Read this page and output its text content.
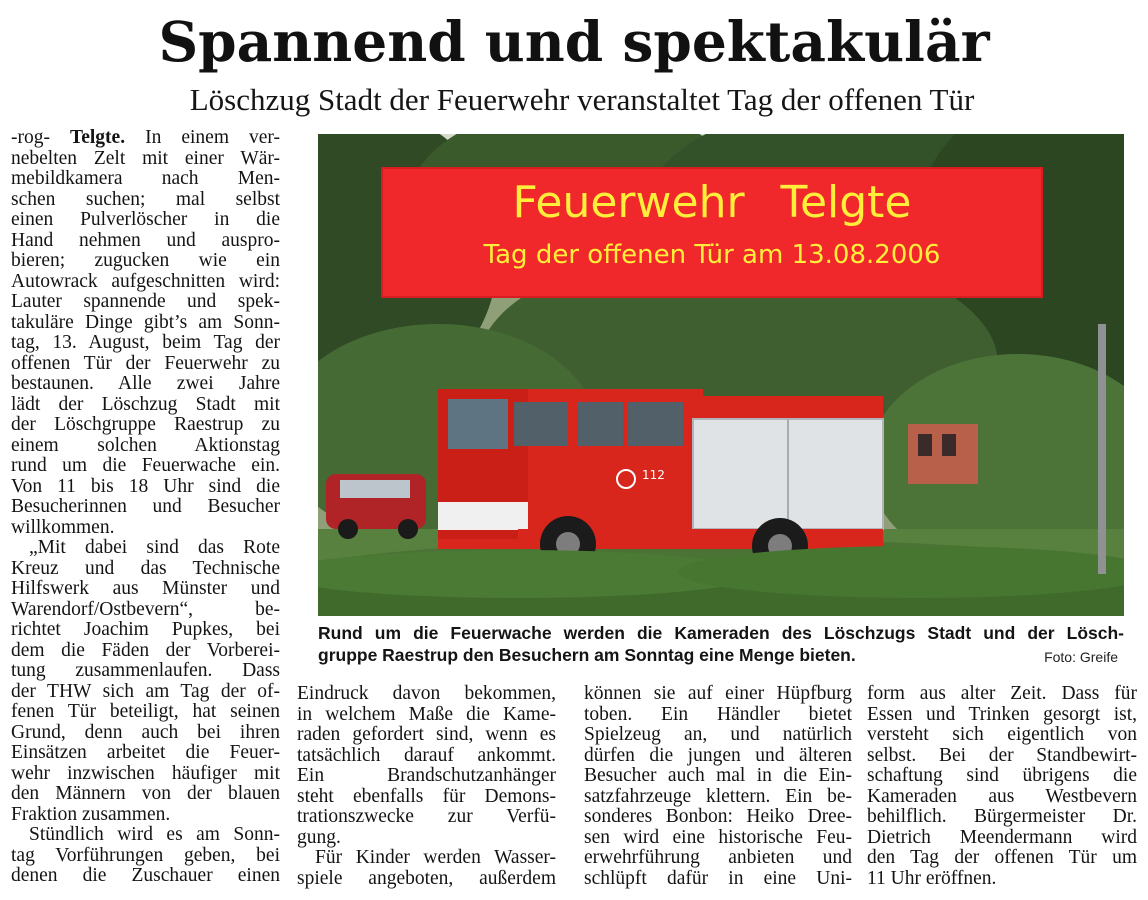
Spannend und spektakulär
Löschzug Stadt der Feuerwehr veranstaltet Tag der offenen Tür
-rog- Telgte. In einem ver-
nebelten Zelt mit einer Wär-
mebildkamera nach Men-
schen suchen; mal selbst
einen Pulverlöscher in die
Hand nehmen und auspro-
bieren; zugucken wie ein
Autowrack aufgeschnitten wird:
Lauter spannende und spek-
takuläre Dinge gibt’s am Sonn-
tag, 13. August, beim Tag der
offenen Tür der Feuerwehr zu
bestaunen. Alle zwei Jahre
lädt der Löschzug Stadt mit
der Löschgruppe Raestrup zu
einem solchen Aktionstag
rund um die Feuerwache ein.
Von 11 bis 18 Uhr sind die
Besucherinnen und Besucher
willkommen.
„Mit dabei sind das Rote
Kreuz und das Technische
Hilfswerk aus Münster und
Warendorf/Ostbevern“, be-
richtet Joachim Pupkes, bei
dem die Fäden der Vorberei-
tung zusammenlaufen. Dass
der THW sich am Tag der of-
fenen Tür beteiligt, hat seinen
Grund, denn auch bei ihren
Einsätzen arbeitet die Feuer-
wehr inzwischen häufiger mit
den Männern von der blauen
Fraktion zusammen.
Stündlich wird es am Sonn-
tag Vorführungen geben, bei
denen die Zuschauer einen
Feuerwehr Telgte
Tag der offenen Tür am 13.08.2006
112
Rund um die Feuerwache werden die Kameraden des Löschzugs Stadt und der Lösch-
gruppe Raestrup den Besuchern am Sonntag eine Menge bieten.	Foto: Greife
Eindruck davon bekommen,
in welchem Maße die Kame-
raden gefordert sind, wenn es
tatsächlich darauf ankommt.
Ein Brandschutzanhänger
steht ebenfalls für Demons-
trationszwecke zur Verfü-
gung.
Für Kinder werden Wasser-
spiele angeboten, außerdem
können sie auf einer Hüpfburg
toben. Ein Händler bietet
Spielzeug an, und natürlich
dürfen die jungen und älteren
Besucher auch mal in die Ein-
satzfahrzeuge klettern. Ein be-
sonderes Bonbon: Heiko Dree-
sen wird eine historische Feu-
erwehrführung anbieten und
schlüpft dafür in eine Uni-
form aus alter Zeit. Dass für
Essen und Trinken gesorgt ist,
versteht sich eigentlich von
selbst. Bei der Standbewirt-
schaftung sind übrigens die
Kameraden aus Westbevern
behilflich. Bürgermeister Dr.
Dietrich Meendermann wird
den Tag der offenen Tür um
11 Uhr eröffnen.
